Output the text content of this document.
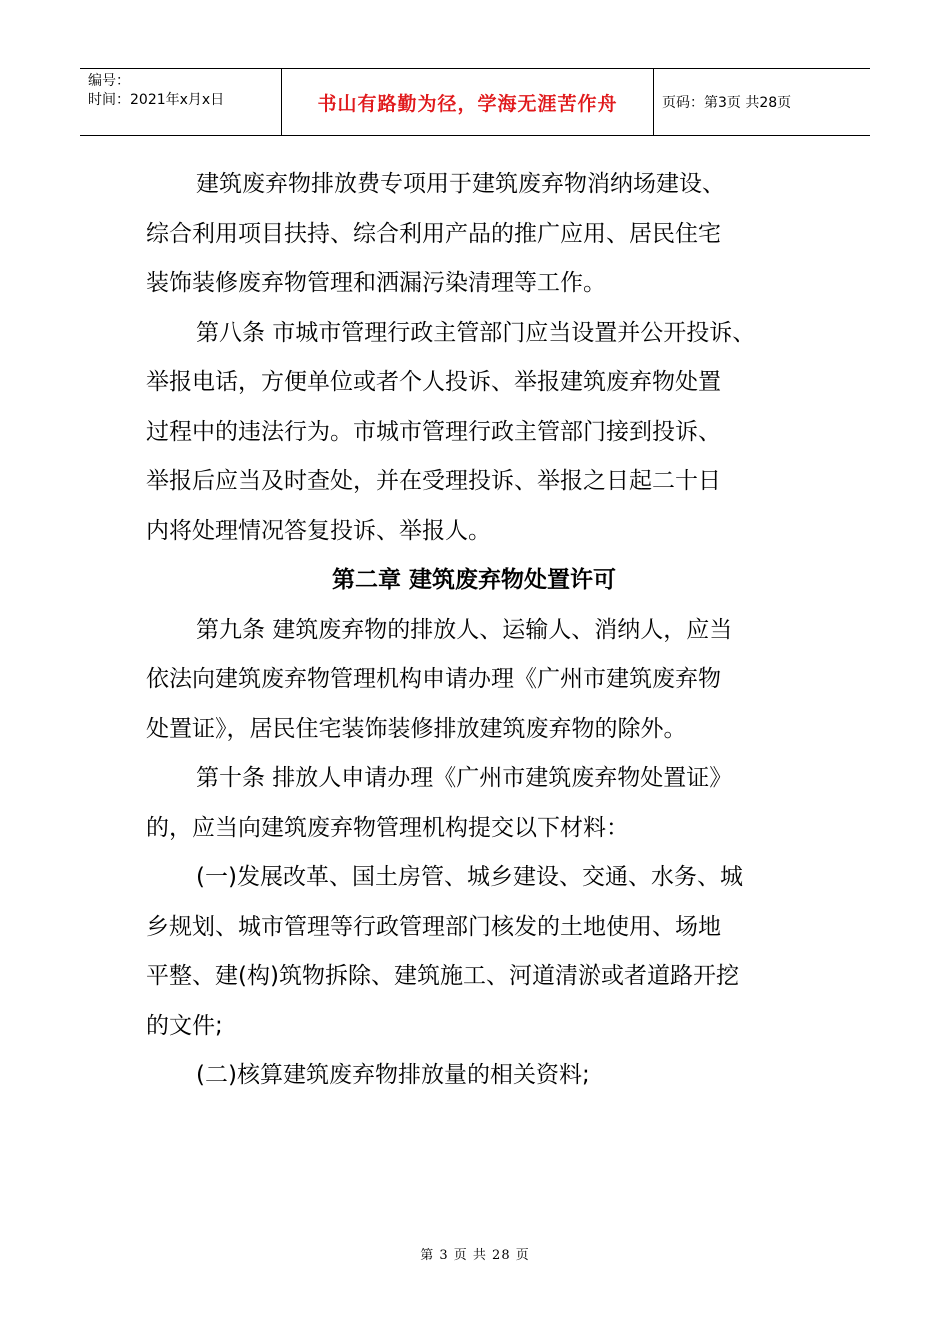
编号：
时间：2021年x月x日	书山有路勤为径，学海无涯苦作舟	页码：第3页 共28页
建筑废弃物排放费专项用于建筑废弃物消纳场建设、
综合利用项目扶持、综合利用产品的推广应用、居民住宅
装饰装修废弃物管理和洒漏污染清理等工作。
第八条 市城市管理行政主管部门应当设置并公开投诉、
举报电话，方便单位或者个人投诉、举报建筑废弃物处置
过程中的违法行为。市城市管理行政主管部门接到投诉、
举报后应当及时查处，并在受理投诉、举报之日起二十日
内将处理情况答复投诉、举报人。
第二章 建筑废弃物处置许可
第九条 建筑废弃物的排放人、运输人、消纳人，应当
依法向建筑废弃物管理机构申请办理《广州市建筑废弃物
处置证》，居民住宅装饰装修排放建筑废弃物的除外。
第十条 排放人申请办理《广州市建筑废弃物处置证》
的，应当向建筑废弃物管理机构提交以下材料：
(一)发展改革、国土房管、城乡建设、交通、水务、城
乡规划、城市管理等行政管理部门核发的土地使用、场地
平整、建(构)筑物拆除、建筑施工、河道清淤或者道路开挖
的文件;
(二)核算建筑废弃物排放量的相关资料;
第 3 页 共 28 页
